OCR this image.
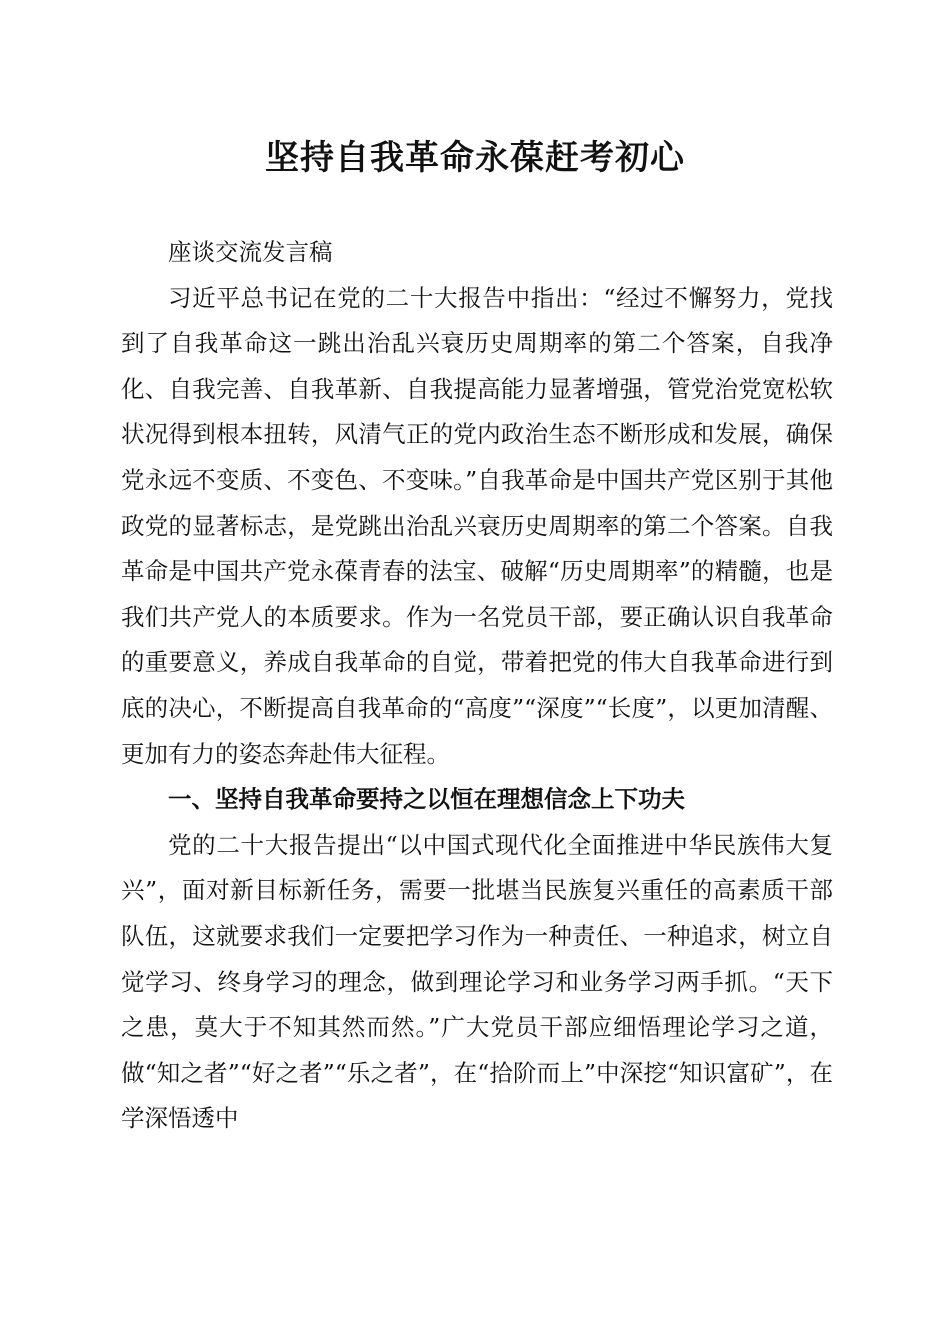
坚持自我革命永葆赶考初心

座谈交流发言稿

习近平总书记在党的二十大报告中指出：“经过不懈努力，党找到了自我革命这一跳出治乱兴衰历史周期率的第二个答案，自我净化、自我完善、自我革新、自我提高能力显著增强，管党治党宽松软状况得到根本扭转，风清气正的党内政治生态不断形成和发展，确保党永远不变质、不变色、不变味。”自我革命是中国共产党区别于其他政党的显著标志，是党跳出治乱兴衰历史周期率的第二个答案。自我革命是中国共产党永葆青春的法宝、破解“历史周期率”的精髓，也是我们共产党人的本质要求。作为一名党员干部，要正确认识自我革命的重要意义，养成自我革命的自觉，带着把党的伟大自我革命进行到底的决心，不断提高自我革命的“高度”“深度”“长度”，以更加清醒、更加有力的姿态奔赴伟大征程。

一、坚持自我革命要持之以恒在理想信念上下功夫

党的二十大报告提出“以中国式现代化全面推进中华民族伟大复兴”，面对新目标新任务，需要一批堪当民族复兴重任的高素质干部队伍，这就要求我们一定要把学习作为一种责任、一种追求，树立自觉学习、终身学习的理念，做到理论学习和业务学习两手抓。“天下之患，莫大于不知其然而然。”广大党员干部应细悟理论学习之道，做“知之者”“好之者”“乐之者”，在“拾阶而上”中深挖“知识富矿”，在学深悟透中
